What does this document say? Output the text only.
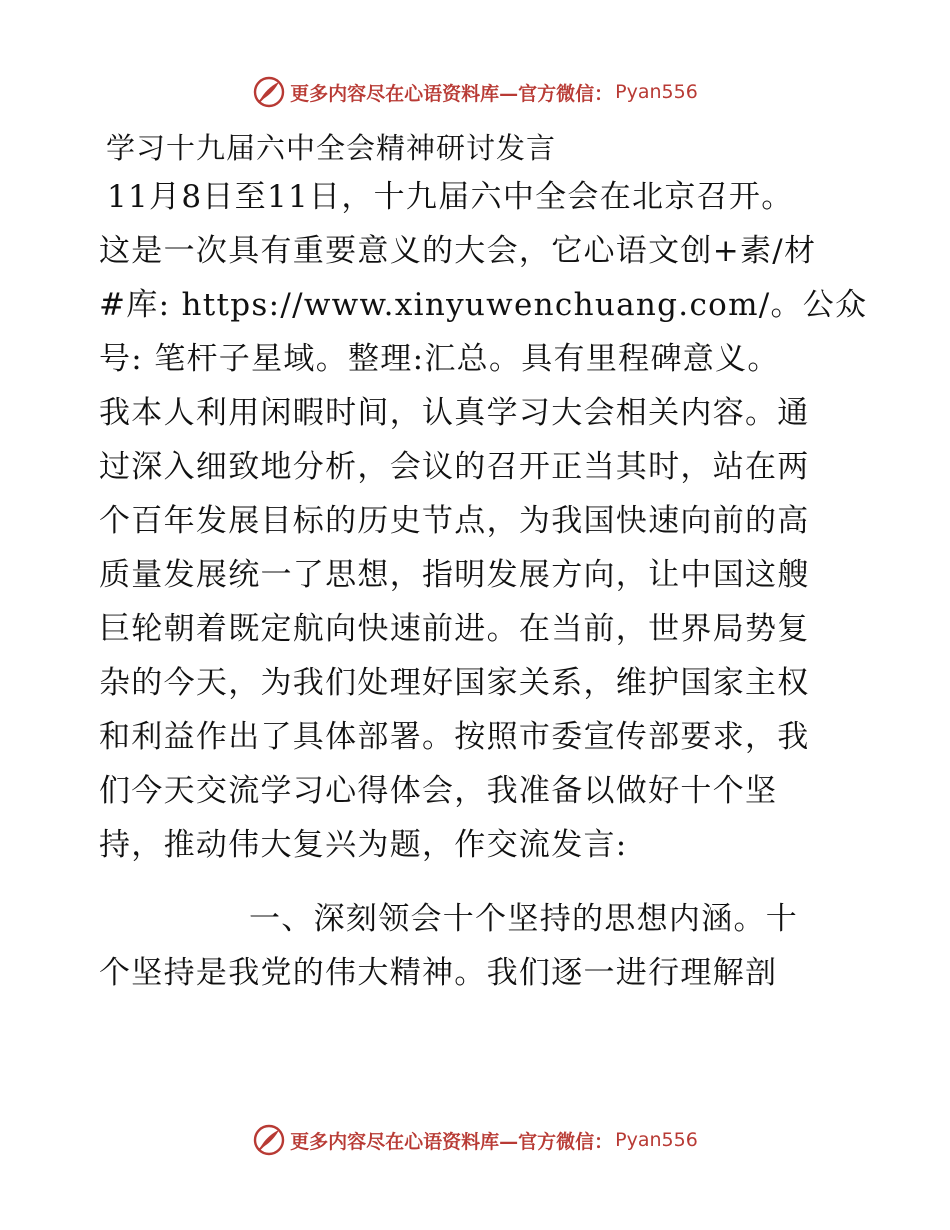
更多内容尽在心语资料库—官方微信： Pyan556
学习十九届六中全会精神研讨发言
11月8日至11日，十九届六中全会在北京召开。
这是一次具有重要意义的大会，它心语文创+素/材
#库: https://www.xinyuwenchuang.com/。公众
号: 笔杆子星域。整理:汇总。具有里程碑意义。
我本人利用闲暇时间，认真学习大会相关内容。通
过深入细致地分析，会议的召开正当其时，站在两
个百年发展目标的历史节点，为我国快速向前的高
质量发展统一了思想，指明发展方向，让中国这艘
巨轮朝着既定航向快速前进。在当前，世界局势复
杂的今天，为我们处理好国家关系，维护国家主权
和利益作出了具体部署。按照市委宣传部要求，我
们今天交流学习心得体会，我准备以做好十个坚
持，推动伟大复兴为题，作交流发言:
一、深刻领会十个坚持的思想内涵。十
个坚持是我党的伟大精神。我们逐一进行理解剖
更多内容尽在心语资料库—官方微信： Pyan556
